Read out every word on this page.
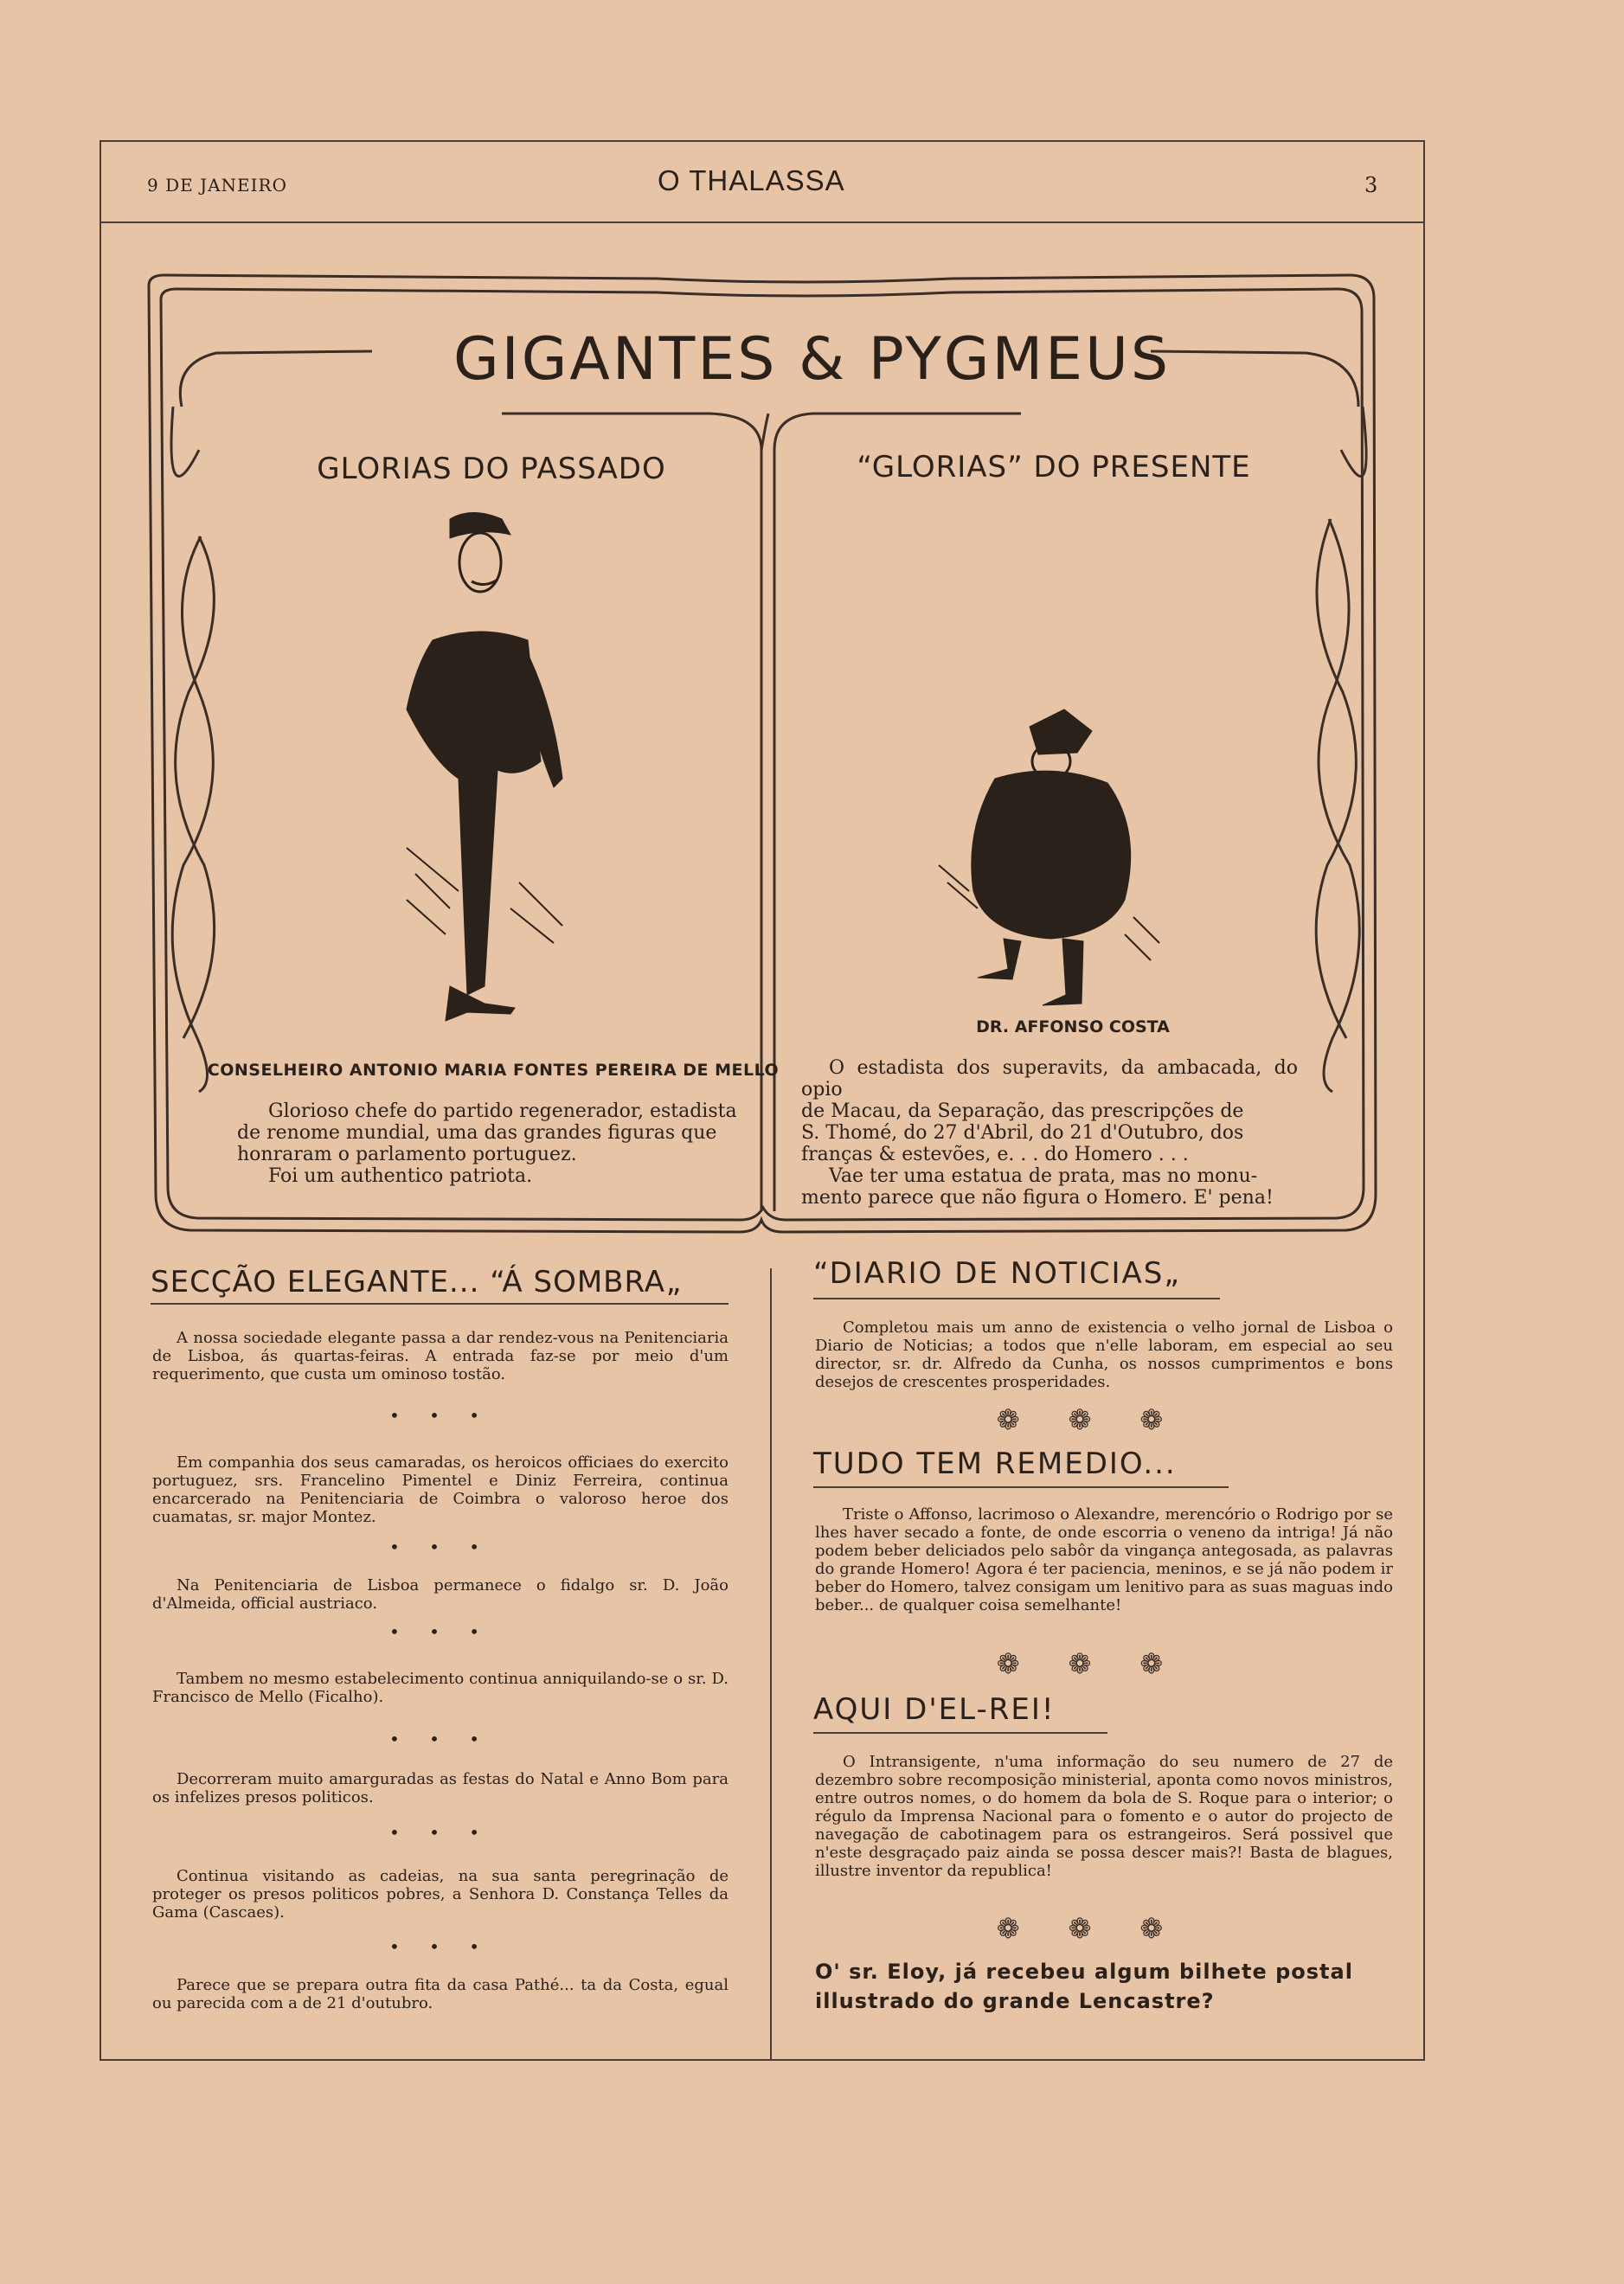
9 DE JANEIRO	O THALASSA	3
GIGANTES & PYGMEUS
GLORIAS DO PASSADO	“GLORIAS” DO PRESENTE
CONSELHEIRO ANTONIO MARIA FONTES PEREIRA DE MELLO
Glorioso chefe do partido regenerador, estadista
de renome mundial, uma das grandes figuras que
honraram o parlamento portuguez.
Foi um authentico patriota.
DR. AFFONSO COSTA
O estadista dos superavits, da ambacada, do opio
de Macau, da Separação, das prescripções de
S. Thomé, do 27 d'Abril, do 21 d'Outubro, dos
franças & estevões, e. . . do Homero . . .
Vae ter uma estatua de prata, mas no monu-
mento parece que não figura o Homero. E' pena!
SECÇÃO ELEGANTE... “Á SOMBRA„
A nossa sociedade elegante passa a dar rendez-vous na Penitenciaria de Lisboa, ás quartas-feiras. A entrada faz-se por meio d'um requerimento, que custa um ominoso tostão.
• • •
Em companhia dos seus camaradas, os heroicos officiaes do exercito portuguez, srs. Francelino Pimentel e Diniz Ferreira, continua encarcerado na Penitenciaria de Coimbra o valoroso heroe dos cuamatas, sr. major Montez.
• • •
Na Penitenciaria de Lisboa permanece o fidalgo sr. D. João d'Almeida, official austriaco.
• • •
Tambem no mesmo estabelecimento continua anniquilando-se o sr. D. Francisco de Mello (Ficalho).
• • •
Decorreram muito amarguradas as festas do Natal e Anno Bom para os infelizes presos politicos.
• • •
Continua visitando as cadeias, na sua santa peregrinação de proteger os presos politicos pobres, a Senhora D. Constança Telles da Gama (Cascaes).
• • •
Parece que se prepara outra fita da casa Pathé... ta da Costa, egual ou parecida com a de 21 d'outubro.
“DIARIO DE NOTICIAS„
Completou mais um anno de existencia o velho jornal de Lisboa o Diario de Noticias; a todos que n'elle laboram, em especial ao seu director, sr. dr. Alfredo da Cunha, os nossos cumprimentos e bons desejos de crescentes prosperidades.
❁❁❁
TUDO TEM REMEDIO...
Triste o Affonso, lacrimoso o Alexandre, merencório o Rodrigo por se lhes haver secado a fonte, de onde escorria o veneno da intriga! Já não podem beber deliciados pelo sabôr da vingança antegosada, as palavras do grande Homero! Agora é ter paciencia, meninos, e se já não podem ir beber do Homero, talvez consigam um lenitivo para as suas maguas indo beber... de qualquer coisa semelhante!
❁❁❁
AQUI D'EL-REI!
O Intransigente, n'uma informação do seu numero de 27 de dezembro sobre recomposição ministerial, aponta como novos ministros, entre outros nomes, o do homem da bola de S. Roque para o interior; o régulo da Imprensa Nacional para o fomento e o autor do projecto de navegação de cabotinagem para os estrangeiros. Será possivel que n'este desgraçado paiz ainda se possa descer mais?! Basta de blagues, illustre inventor da republica!
❁❁❁
O' sr. Eloy, já recebeu algum bilhete postal illustrado do grande Lencastre?
